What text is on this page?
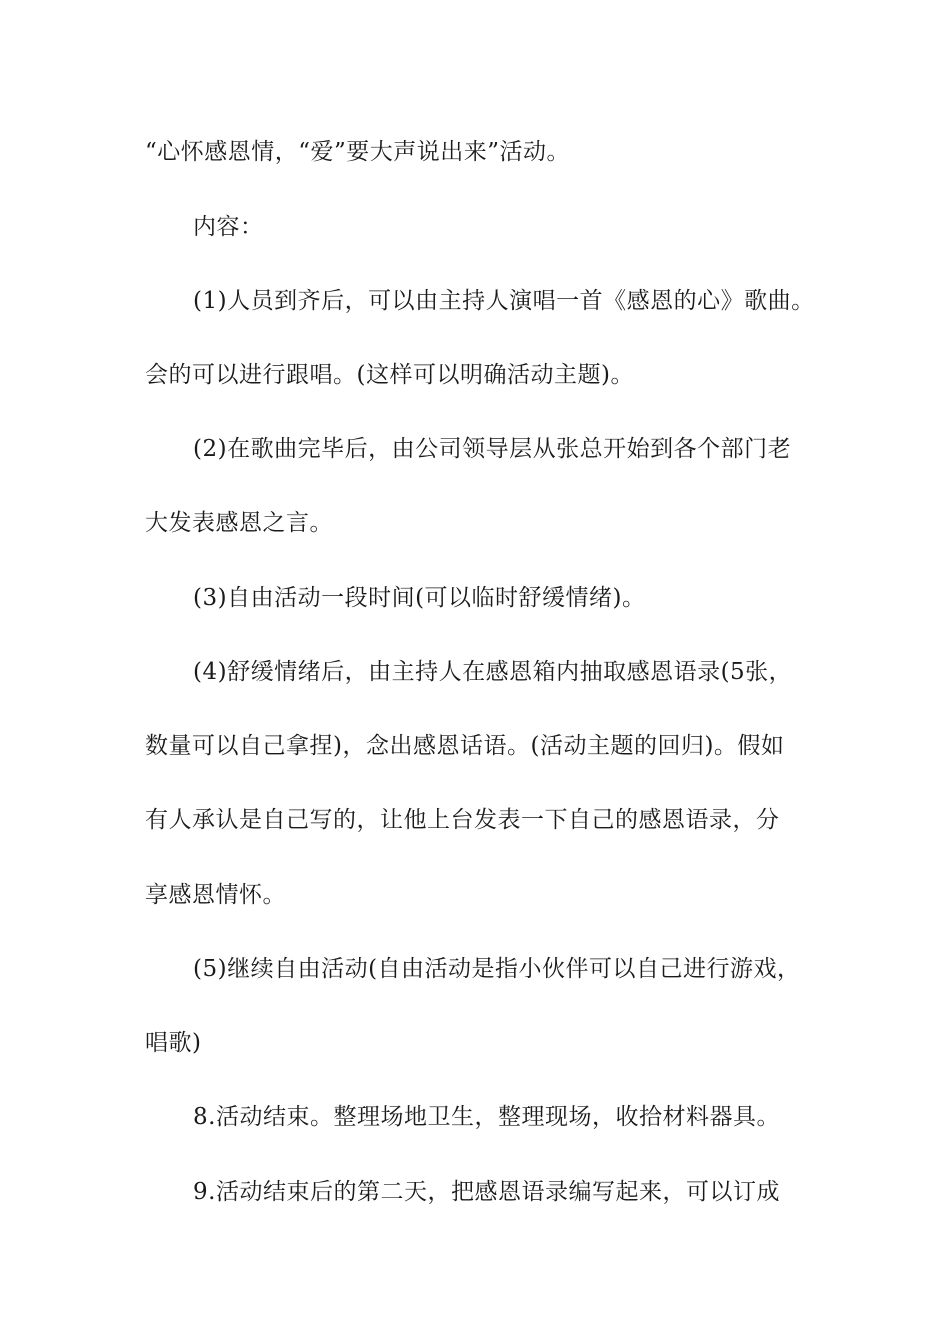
“心怀感恩情，“爱”要大声说出来”活动。
内容：
(1)人员到齐后，可以由主持人演唱一首《感恩的心》歌曲。
会的可以进行跟唱。(这样可以明确活动主题)。
(2)在歌曲完毕后，由公司领导层从张总开始到各个部门老
大发表感恩之言。
(3)自由活动一段时间(可以临时舒缓情绪)。
(4)舒缓情绪后，由主持人在感恩箱内抽取感恩语录(5张，
数量可以自己拿捏)，念出感恩话语。(活动主题的回归)。假如
有人承认是自己写的，让他上台发表一下自己的感恩语录，分
享感恩情怀。
(5)继续自由活动(自由活动是指小伙伴可以自己进行游戏，
唱歌)
8.活动结束。整理场地卫生，整理现场，收拾材料器具。
9.活动结束后的第二天，把感恩语录编写起来，可以订成
